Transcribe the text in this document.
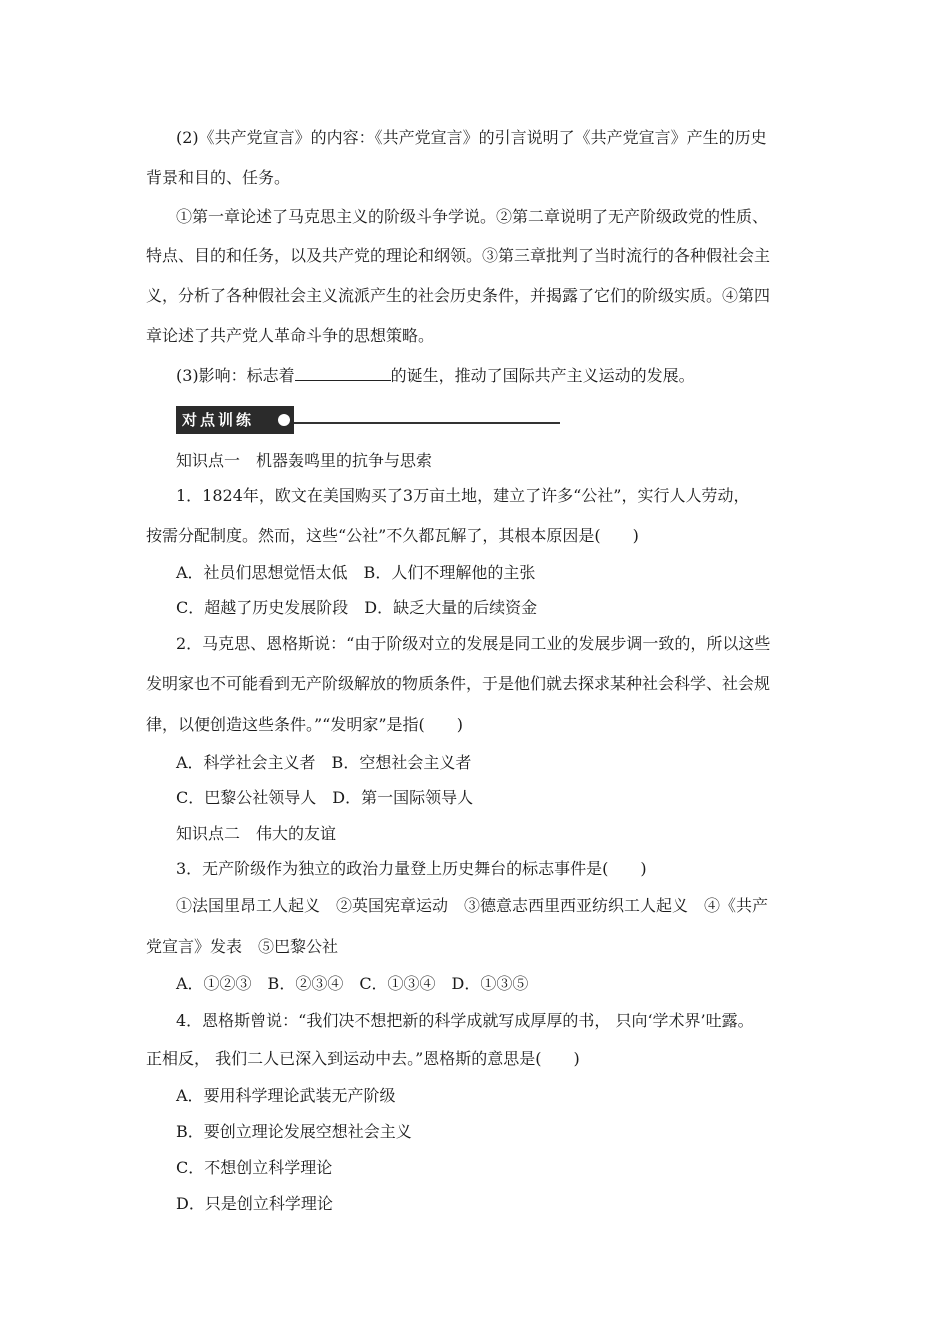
(2)《共产党宣言》的内容：《共产党宣言》的引言说明了《共产党宣言》产生的历史
背景和目的、任务。
①第一章论述了马克思主义的阶级斗争学说。②第二章说明了无产阶级政党的性质、
特点、目的和任务，以及共产党的理论和纲领。③第三章批判了当时流行的各种假社会主
义，分析了各种假社会主义流派产生的社会历史条件，并揭露了它们的阶级实质。④第四
章论述了共产党人革命斗争的思想策略。
(3)影响：标志着	的诞生，推动了国际共产主义运动的发展。
对点训练
知识点一　机器轰鸣里的抗争与思索
1．1824年，欧文在美国购买了3万亩土地，建立了许多“公社”，实行人人劳动，
按需分配制度。然而，这些“公社”不久都瓦解了，其根本原因是(　　)
A．社员们思想觉悟太低　B．人们不理解他的主张
C．超越了历史发展阶段　D．缺乏大量的后续资金
2．马克思、恩格斯说：“由于阶级对立的发展是同工业的发展步调一致的，所以这些
发明家也不可能看到无产阶级解放的物质条件，于是他们就去探求某种社会科学、社会规
律，以便创造这些条件。”“发明家”是指(　　)
A．科学社会主义者　B．空想社会主义者
C．巴黎公社领导人　D．第一国际领导人
知识点二　伟大的友谊
3．无产阶级作为独立的政治力量登上历史舞台的标志事件是(　　)
①法国里昂工人起义　②英国宪章运动　③德意志西里西亚纺织工人起义　④《共产
党宣言》发表　⑤巴黎公社
A．①②③　B．②③④　C．①③④　D．①③⑤
4．恩格斯曾说：“我们决不想把新的科学成就写成厚厚的书， 只向‘学术界’吐露。
正相反， 我们二人已深入到运动中去。”恩格斯的意思是(　　)
A．要用科学理论武装无产阶级
B．要创立理论发展空想社会主义
C．不想创立科学理论
D．只是创立科学理论
